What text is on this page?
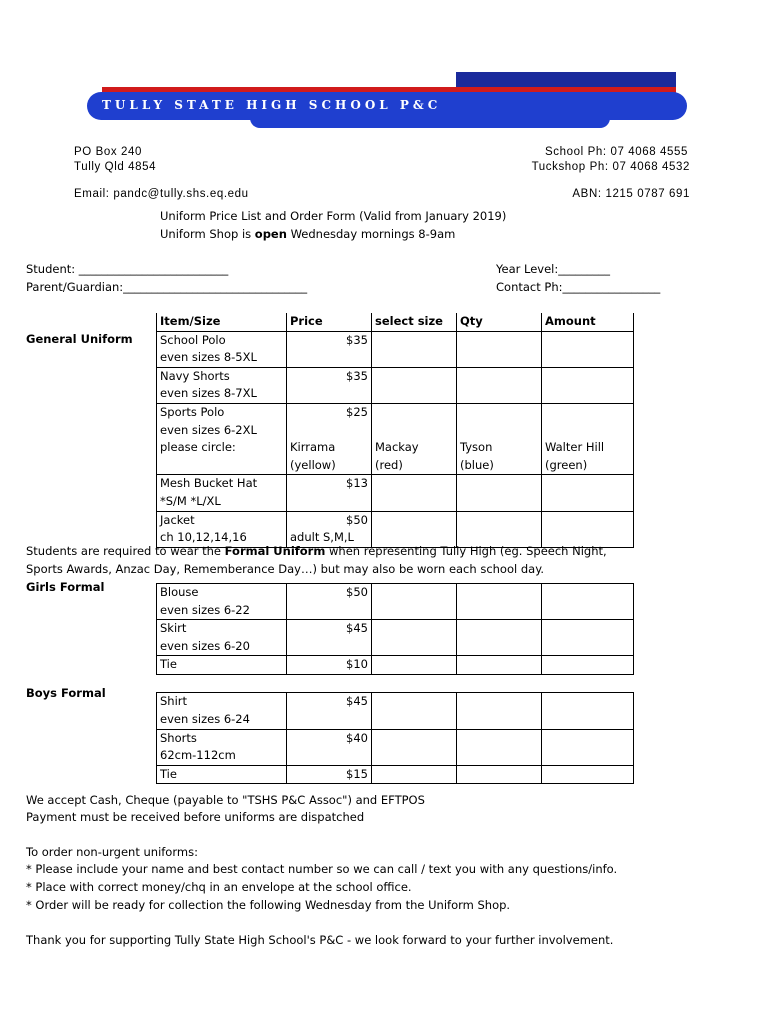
TULLY STATE HIGH SCHOOL P&C
PO Box 240
Tully Qld 4854
School Ph: 07 4068 4555
Tuckshop Ph: 07 4068 4532
Email: pandc@tully.shs.eq.edu	ABN: 1215 0787 691
Uniform Price List and Order Form (Valid from January 2019)
Uniform Shop is open Wednesday mornings 8-9am
Student: __________________________
Parent/Guardian:________________________________
Year Level:_________
Contact Ph:_________________
General Uniform
Girls Formal
Boys Formal
Students are required to wear the Formal Uniform when representing Tully High (eg. Speech Night,
Sports Awards, Anzac Day, Rememberance Day…) but may also be worn each school day.
Item/Size	Price	select size	Qty	Amount
School Polo	$35			
even sizes 8-5XL				
Navy Shorts	$35			
even sizes 8-7XL				
Sports Polo	$25			
even sizes 6-2XL				
please circle:	Kirrama	Mackay	Tyson	Walter Hill
	(yellow)	(red)	(blue)	(green)
Mesh Bucket Hat	$13			
*S/M *L/XL				
Jacket	$50			
ch 10,12,14,16	adult S,M,L			

Blouse	$50			
even sizes 6-22				
Skirt	$45			
even sizes 6-20				
Tie	$10			

Shirt	$45			
even sizes 6-24				
Shorts	$40			
62cm-112cm				
Tie	$15			
We accept Cash, Cheque (payable to "TSHS P&C Assoc") and EFTPOS
Payment must be received before uniforms are dispatched
To order non-urgent uniforms:
* Please include your name and best contact number so we can call / text you with any questions/info.
* Place with correct money/chq in an envelope at the school office.
* Order will be ready for collection the following Wednesday from the Uniform Shop.
Thank you for supporting Tully State High School's P&C - we look forward to your further involvement.
